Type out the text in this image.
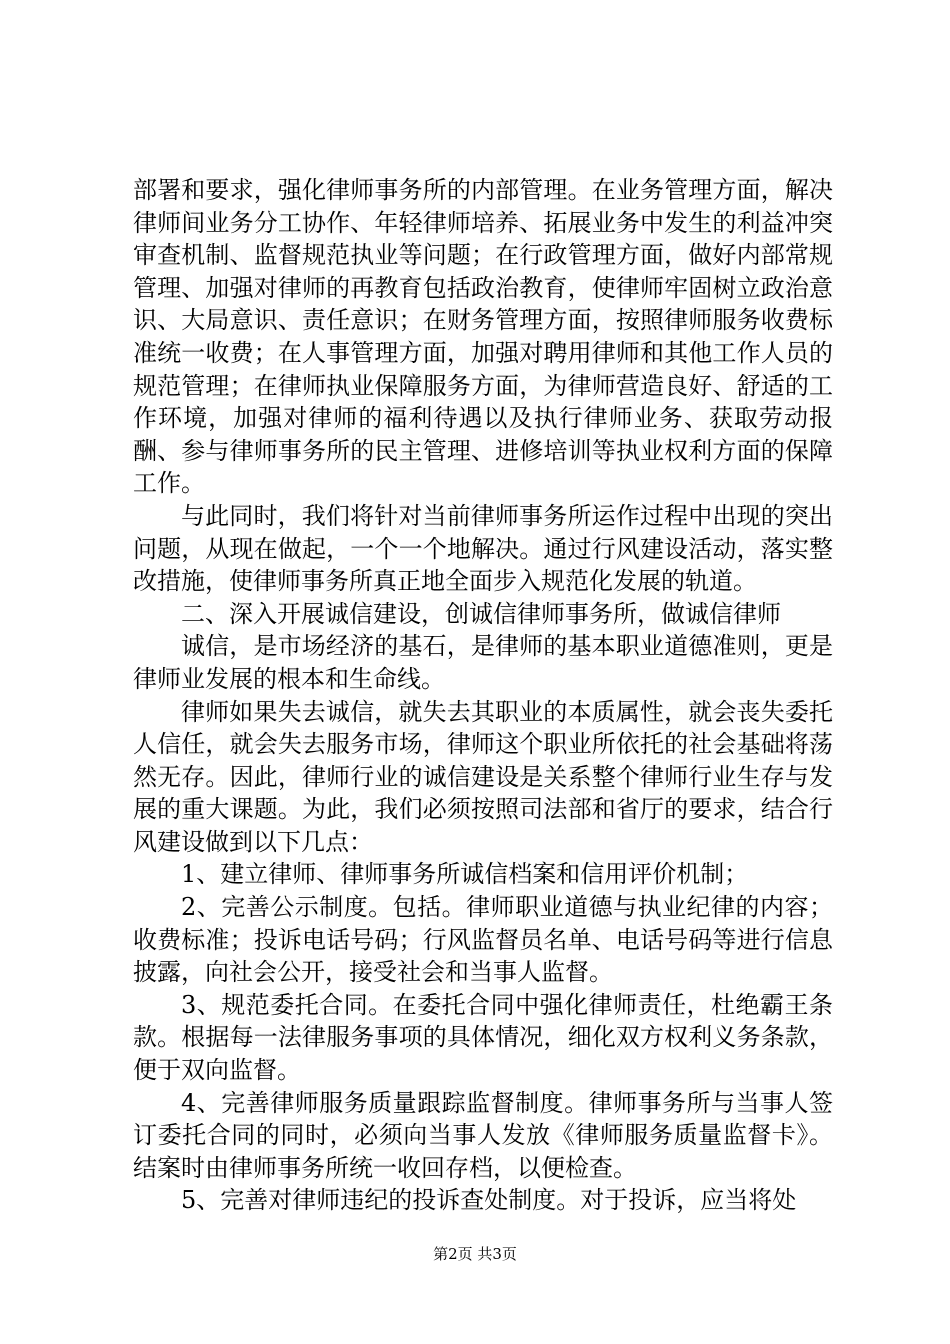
部署和要求，强化律师事务所的内部管理。在业务管理方面，解决律师间业务分工协作、年轻律师培养、拓展业务中发生的利益冲突审查机制、监督规范执业等问题；在行政管理方面，做好内部常规管理、加强对律师的再教育包括政治教育，使律师牢固树立政治意识、大局意识、责任意识；在财务管理方面，按照律师服务收费标准统一收费；在人事管理方面，加强对聘用律师和其他工作人员的规范管理；在律师执业保障服务方面，为律师营造良好、舒适的工作环境，加强对律师的福利待遇以及执行律师业务、获取劳动报酬、参与律师事务所的民主管理、进修培训等执业权利方面的保障工作。

与此同时，我们将针对当前律师事务所运作过程中出现的突出问题，从现在做起，一个一个地解决。通过行风建设活动，落实整改措施，使律师事务所真正地全面步入规范化发展的轨道。

二、深入开展诚信建设，创诚信律师事务所，做诚信律师

诚信，是市场经济的基石，是律师的基本职业道德准则，更是律师业发展的根本和生命线。

律师如果失去诚信，就失去其职业的本质属性，就会丧失委托人信任，就会失去服务市场，律师这个职业所依托的社会基础将荡然无存。因此，律师行业的诚信建设是关系整个律师行业生存与发展的重大课题。为此，我们必须按照司法部和省厅的要求，结合行风建设做到以下几点：

1、建立律师、律师事务所诚信档案和信用评价机制；

2、完善公示制度。包括。律师职业道德与执业纪律的内容；收费标准；投诉电话号码；行风监督员名单、电话号码等进行信息披露，向社会公开，接受社会和当事人监督。

3、规范委托合同。在委托合同中强化律师责任，杜绝霸王条款。根据每一法律服务事项的具体情况，细化双方权利义务条款，便于双向监督。

4、完善律师服务质量跟踪监督制度。律师事务所与当事人签订委托合同的同时，必须向当事人发放《律师服务质量监督卡》。结案时由律师事务所统一收回存档，以便检查。

5、完善对律师违纪的投诉查处制度。对于投诉，应当将处

第2页 共3页
